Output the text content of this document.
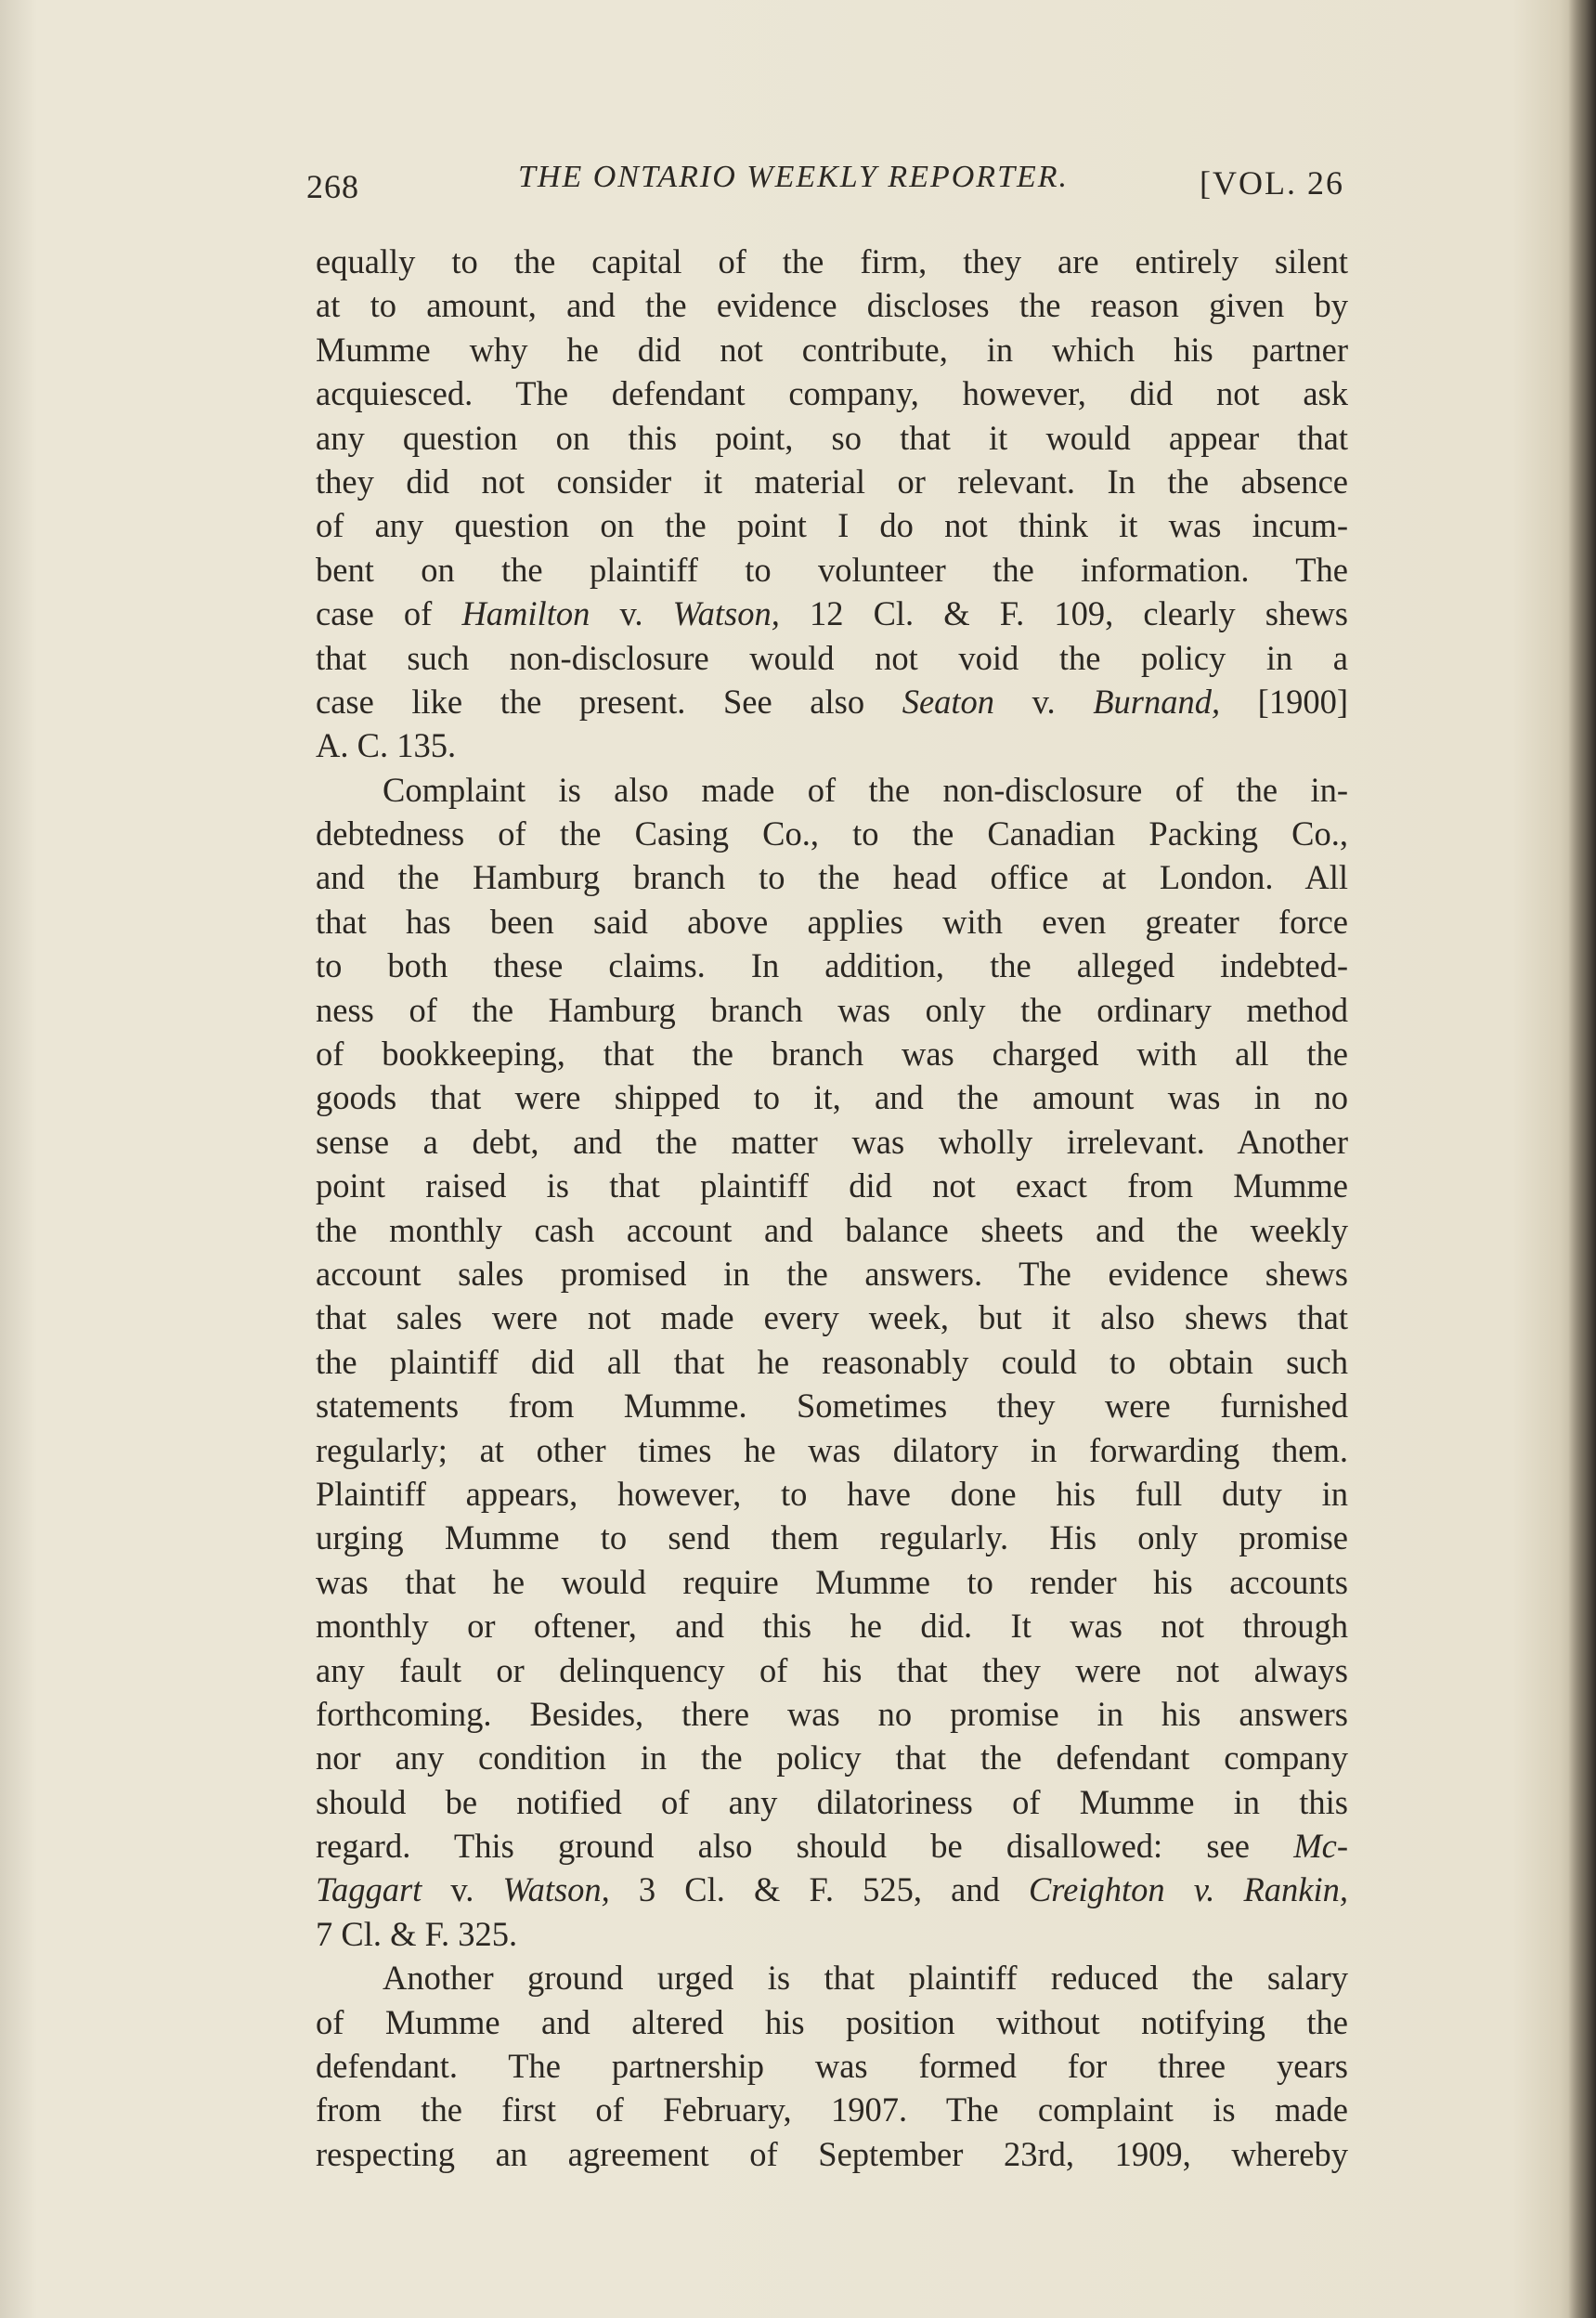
268	THE ONTARIO WEEKLY REPORTER.	[VOL. 26
equally to the capital of the firm, they are entirely silent
at to amount, and the evidence discloses the reason given by
Mumme why he did not contribute, in which his partner
acquiesced. The defendant company, however, did not ask
any question on this point, so that it would appear that
they did not consider it material or relevant. In the absence
of any question on the point I do not think it was incum-
bent on the plaintiff to volunteer the information. The
case of Hamilton v. Watson, 12 Cl. & F. 109, clearly shews
that such non-disclosure would not void the policy in a
case like the present. See also Seaton v. Burnand, [1900]
A. C. 135.
Complaint is also made of the non-disclosure of the in-
debtedness of the Casing Co., to the Canadian Packing Co.,
and the Hamburg branch to the head office at London. All
that has been said above applies with even greater force
to both these claims. In addition, the alleged indebted-
ness of the Hamburg branch was only the ordinary method
of bookkeeping, that the branch was charged with all the
goods that were shipped to it, and the amount was in no
sense a debt, and the matter was wholly irrelevant. Another
point raised is that plaintiff did not exact from Mumme
the monthly cash account and balance sheets and the weekly
account sales promised in the answers. The evidence shews
that sales were not made every week, but it also shews that
the plaintiff did all that he reasonably could to obtain such
statements from Mumme. Sometimes they were furnished
regularly; at other times he was dilatory in forwarding them.
Plaintiff appears, however, to have done his full duty in
urging Mumme to send them regularly. His only promise
was that he would require Mumme to render his accounts
monthly or oftener, and this he did. It was not through
any fault or delinquency of his that they were not always
forthcoming. Besides, there was no promise in his answers
nor any condition in the policy that the defendant company
should be notified of any dilatoriness of Mumme in this
regard. This ground also should be disallowed: see Mc-
Taggart v. Watson, 3 Cl. & F. 525, and Creighton v. Rankin,
7 Cl. & F. 325.
Another ground urged is that plaintiff reduced the salary
of Mumme and altered his position without notifying the
defendant. The partnership was formed for three years
from the first of February, 1907. The complaint is made
respecting an agreement of September 23rd, 1909, whereby
